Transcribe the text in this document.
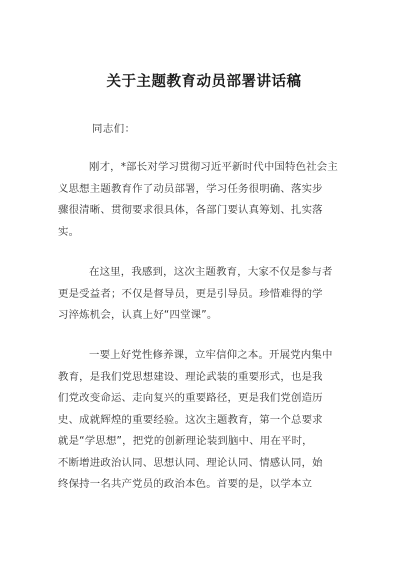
关于主题教育动员部署讲话稿
同志们：
刚才，*部长对学习贯彻习近平新时代中国特色社会主
义思想主题教育作了动员部署，学习任务很明确、落实步
骤很清晰、贯彻要求很具体，各部门要认真筹划、扎实落
实。
在这里，我感到，这次主题教育，大家不仅是参与者
更是受益者；不仅是督导员，更是引导员。珍惜难得的学
习淬炼机会，认真上好“四堂课”。
一要上好党性修养课，立牢信仰之本。开展党内集中
教育，是我们党思想建设、理论武装的重要形式，也是我
们党改变命运、走向复兴的重要路径，更是我们党创造历
史、成就辉煌的重要经验。这次主题教育，第一个总要求
就是“学思想”，把党的创新理论装到脑中、用在平时，
不断增进政治认同、思想认同、理论认同、情感认同，始
终保持一名共产党员的政治本色。首要的是，以学本立
